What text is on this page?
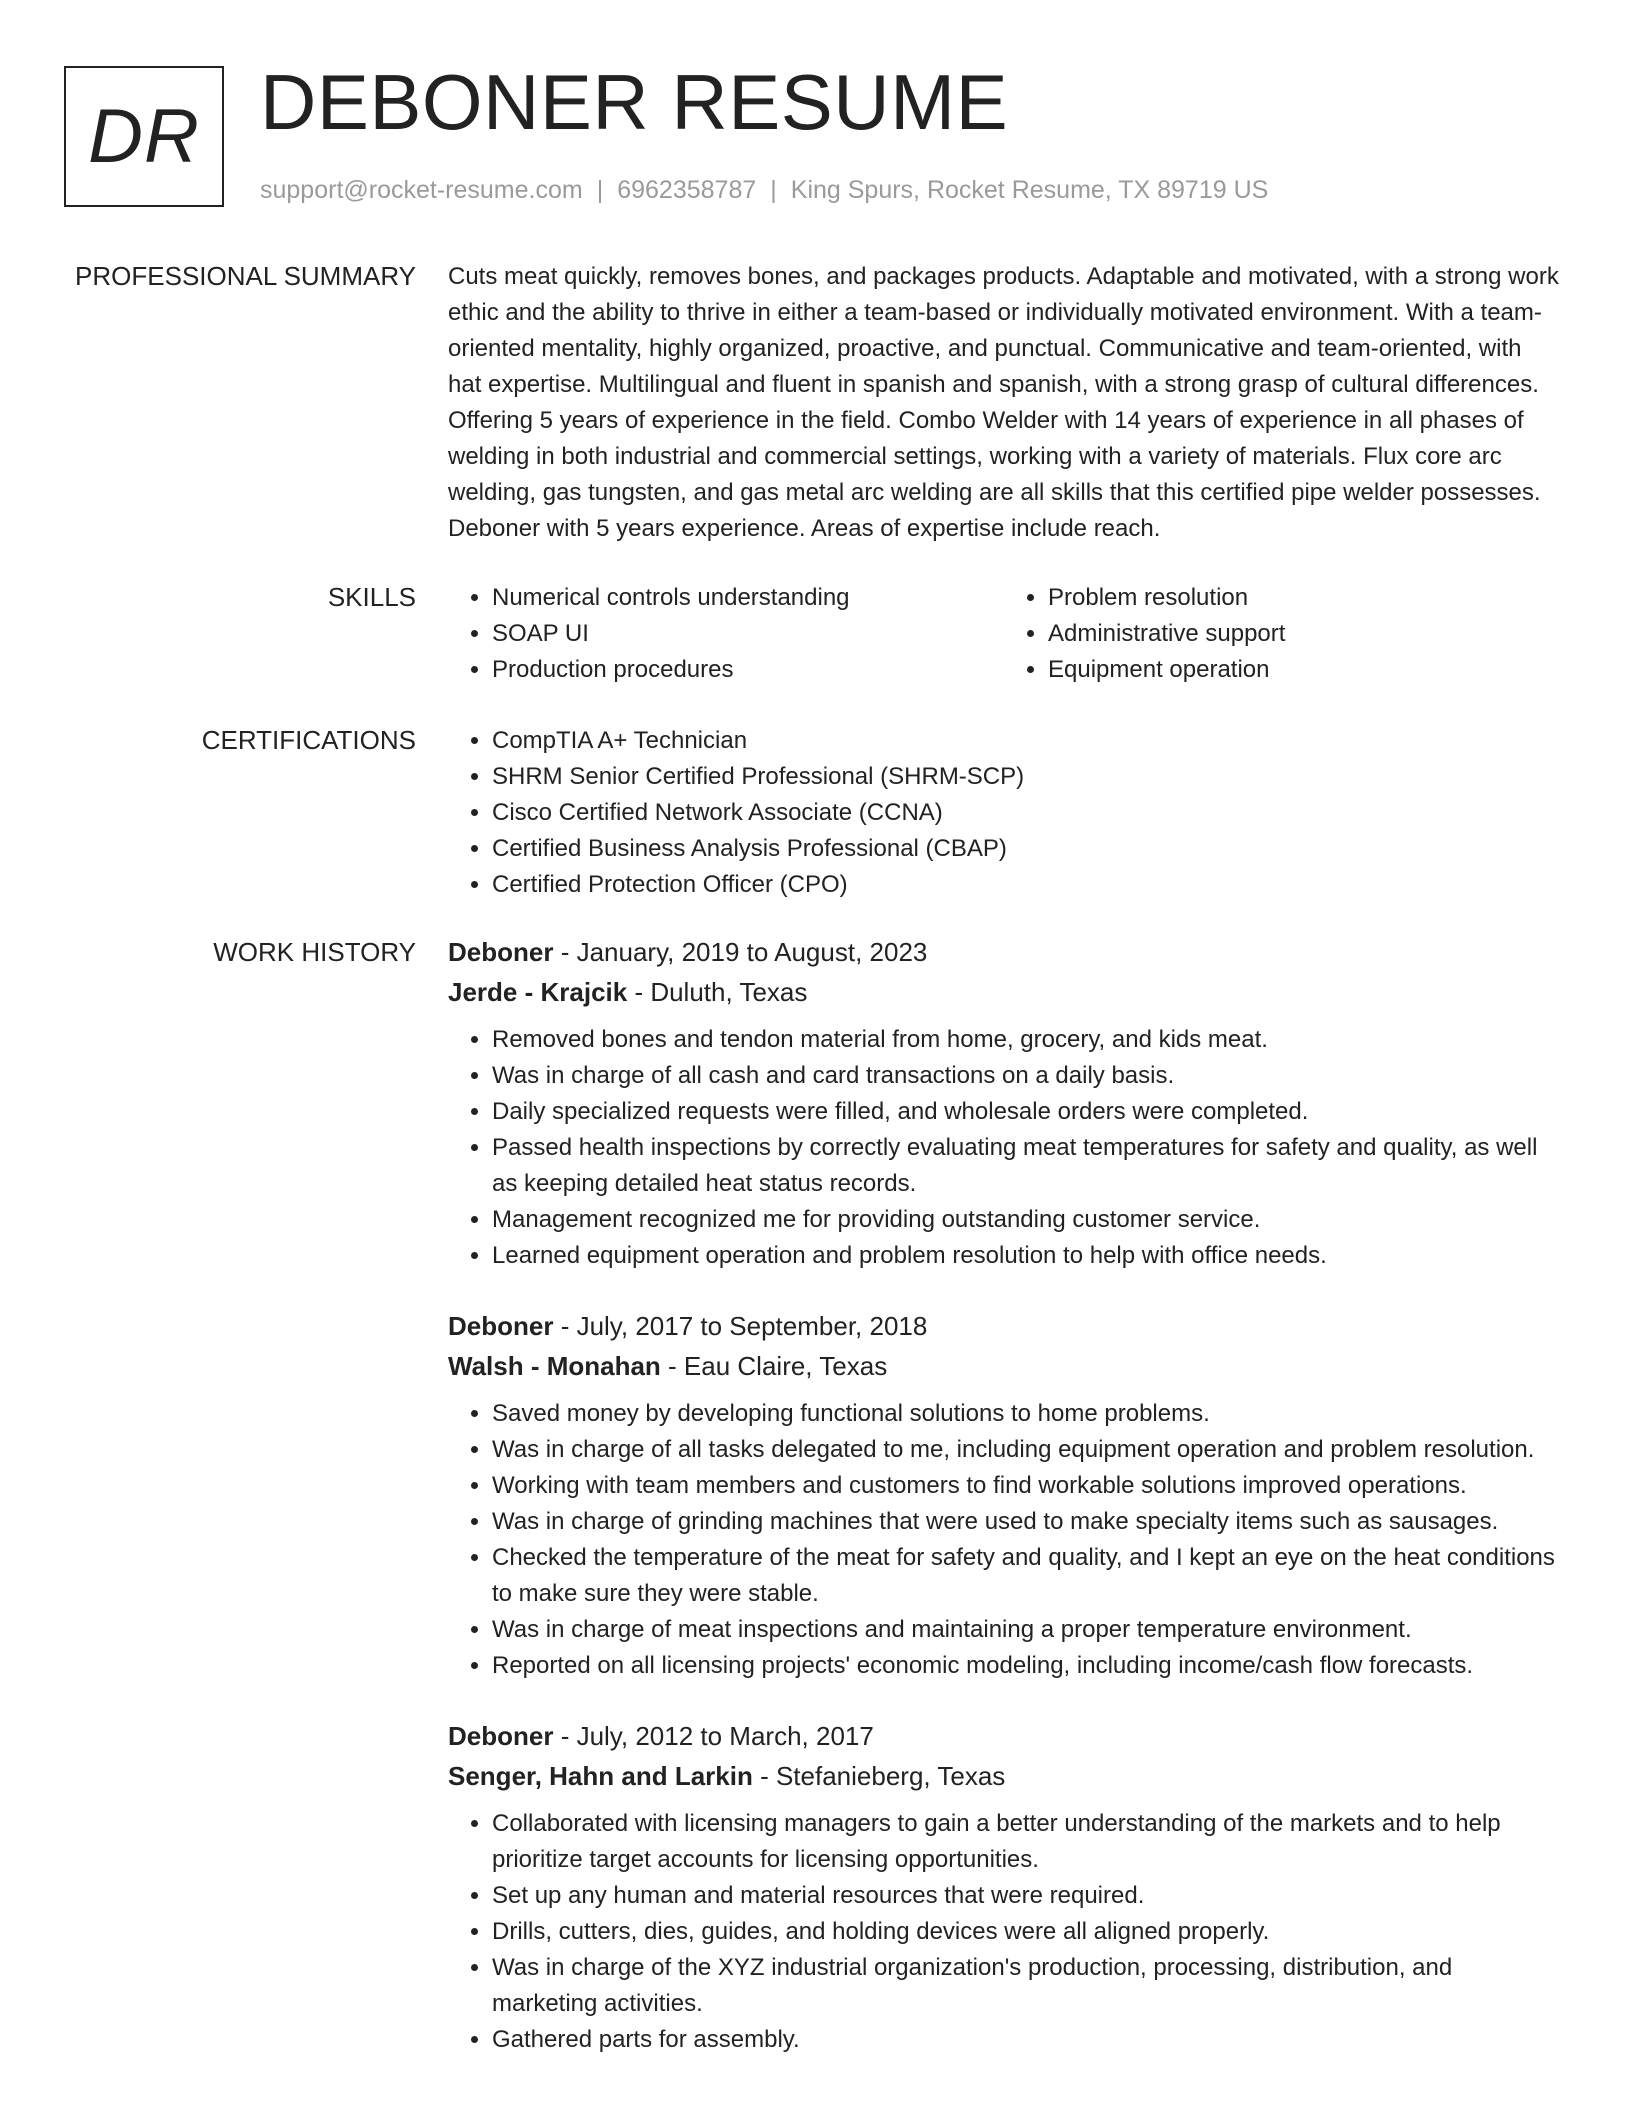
DR DEBONER RESUME
support@rocket-resume.com | 6962358787 | King Spurs, Rocket Resume, TX 89719 US
PROFESSIONAL SUMMARY Cuts meat quickly, removes bones, and packages products. Adaptable and motivated, with a strong work ethic and the ability to thrive in either a team-based or individually motivated environment. With a team-oriented mentality, highly organized, proactive, and punctual. Communicative and team-oriented, with hat expertise. Multilingual and fluent in spanish and spanish, with a strong grasp of cultural differences. Offering 5 years of experience in the field. Combo Welder with 14 years of experience in all phases of welding in both industrial and commercial settings, working with a variety of materials. Flux core arc welding, gas tungsten, and gas metal arc welding are all skills that this certified pipe welder possesses. Deboner with 5 years experience. Areas of expertise include reach.

SKILLS	• Numerical controls understanding
• SOAP UI
• Production procedures
• Problem resolution
• Administrative support
• Equipment operation
CERTIFICATIONS	• CompTIA A+ Technician
• SHRM Senior Certified Professional (SHRM-SCP)
• Cisco Certified Network Associate (CCNA)
• Certified Business Analysis Professional (CBAP)
• Certified Protection Officer (CPO)
WORK HISTORY Deboner - January, 2019 to August, 2023
Jerde - Krajcik - Duluth, Texas
• Removed bones and tendon material from home, grocery, and kids meat.
• Was in charge of all cash and card transactions on a daily basis.
• Daily specialized requests were filled, and wholesale orders were completed.
• Passed health inspections by correctly evaluating meat temperatures for safety and quality, as well as keeping detailed heat status records.
• Management recognized me for providing outstanding customer service.
• Learned equipment operation and problem resolution to help with office needs.
Deboner - July, 2017 to September, 2018
Walsh - Monahan - Eau Claire, Texas
• Saved money by developing functional solutions to home problems.
• Was in charge of all tasks delegated to me, including equipment operation and problem resolution.
• Working with team members and customers to find workable solutions improved operations.
• Was in charge of grinding machines that were used to make specialty items such as sausages.
• Checked the temperature of the meat for safety and quality, and I kept an eye on the heat conditions to make sure they were stable.
• Was in charge of meat inspections and maintaining a proper temperature environment.
• Reported on all licensing projects' economic modeling, including income/cash flow forecasts.
Deboner - July, 2012 to March, 2017
Senger, Hahn and Larkin - Stefanieberg, Texas
• Collaborated with licensing managers to gain a better understanding of the markets and to help prioritize target accounts for licensing opportunities.
• Set up any human and material resources that were required.
• Drills, cutters, dies, guides, and holding devices were all aligned properly.
• Was in charge of the XYZ industrial organization's production, processing, distribution, and marketing activities.
• Gathered parts for assembly.
